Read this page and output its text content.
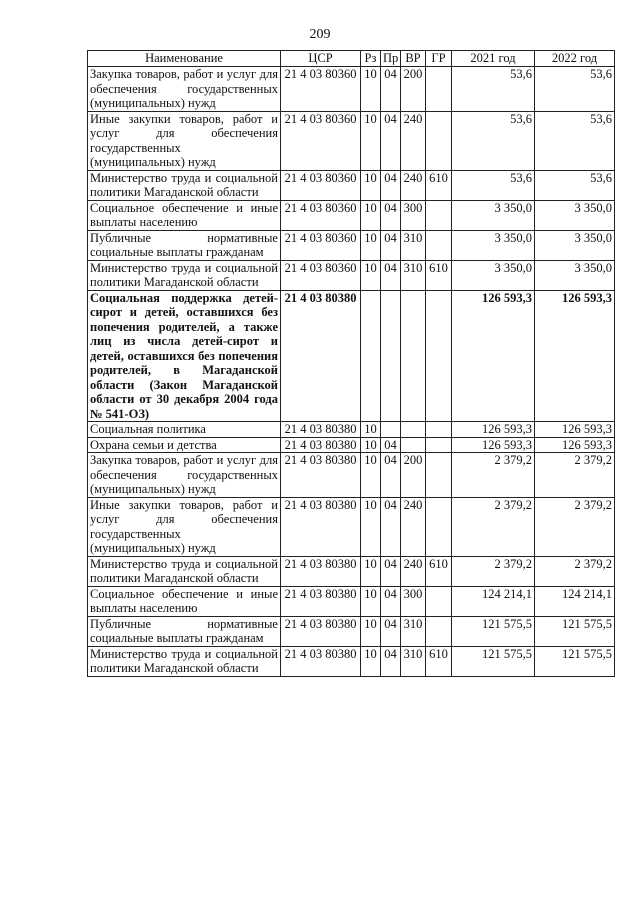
209
Наименование	ЦСР	Рз	Пр	ВР	ГР	2021 год	2022 год
Закупка товаров, работ и услуг для обеспечения государственных (муниципальных) нужд	21 4 03 80360	10	04	200		53,6	53,6
Иные закупки товаров, работ и услуг для обеспечения государственных (муниципальных) нужд	21 4 03 80360	10	04	240		53,6	53,6
Министерство труда и социальной политики Магаданской области	21 4 03 80360	10	04	240	610	53,6	53,6
Социальное обеспечение и иные выплаты населению	21 4 03 80360	10	04	300		3 350,0	3 350,0
Публичные нормативные социальные выплаты гражданам	21 4 03 80360	10	04	310		3 350,0	3 350,0
Министерство труда и социальной политики Магаданской области	21 4 03 80360	10	04	310	610	3 350,0	3 350,0
Социальная поддержка детей-сирот и детей, оставшихся без попечения родителей, а также лиц из числа детей-сирот и детей, оставшихся без попечения родителей, в Магаданской области (Закон Магаданской области от 30 декабря 2004 года № 541-ОЗ)	21 4 03 80380					126 593,3	126 593,3
Социальная политика	21 4 03 80380	10				126 593,3	126 593,3
Охрана семьи и детства	21 4 03 80380	10	04			126 593,3	126 593,3
Закупка товаров, работ и услуг для обеспечения государственных (муниципальных) нужд	21 4 03 80380	10	04	200		2 379,2	2 379,2
Иные закупки товаров, работ и услуг для обеспечения государственных (муниципальных) нужд	21 4 03 80380	10	04	240		2 379,2	2 379,2
Министерство труда и социальной политики Магаданской области	21 4 03 80380	10	04	240	610	2 379,2	2 379,2
Социальное обеспечение и иные выплаты населению	21 4 03 80380	10	04	300		124 214,1	124 214,1
Публичные нормативные социальные выплаты гражданам	21 4 03 80380	10	04	310		121 575,5	121 575,5
Министерство труда и социальной политики Магаданской области	21 4 03 80380	10	04	310	610	121 575,5	121 575,5
